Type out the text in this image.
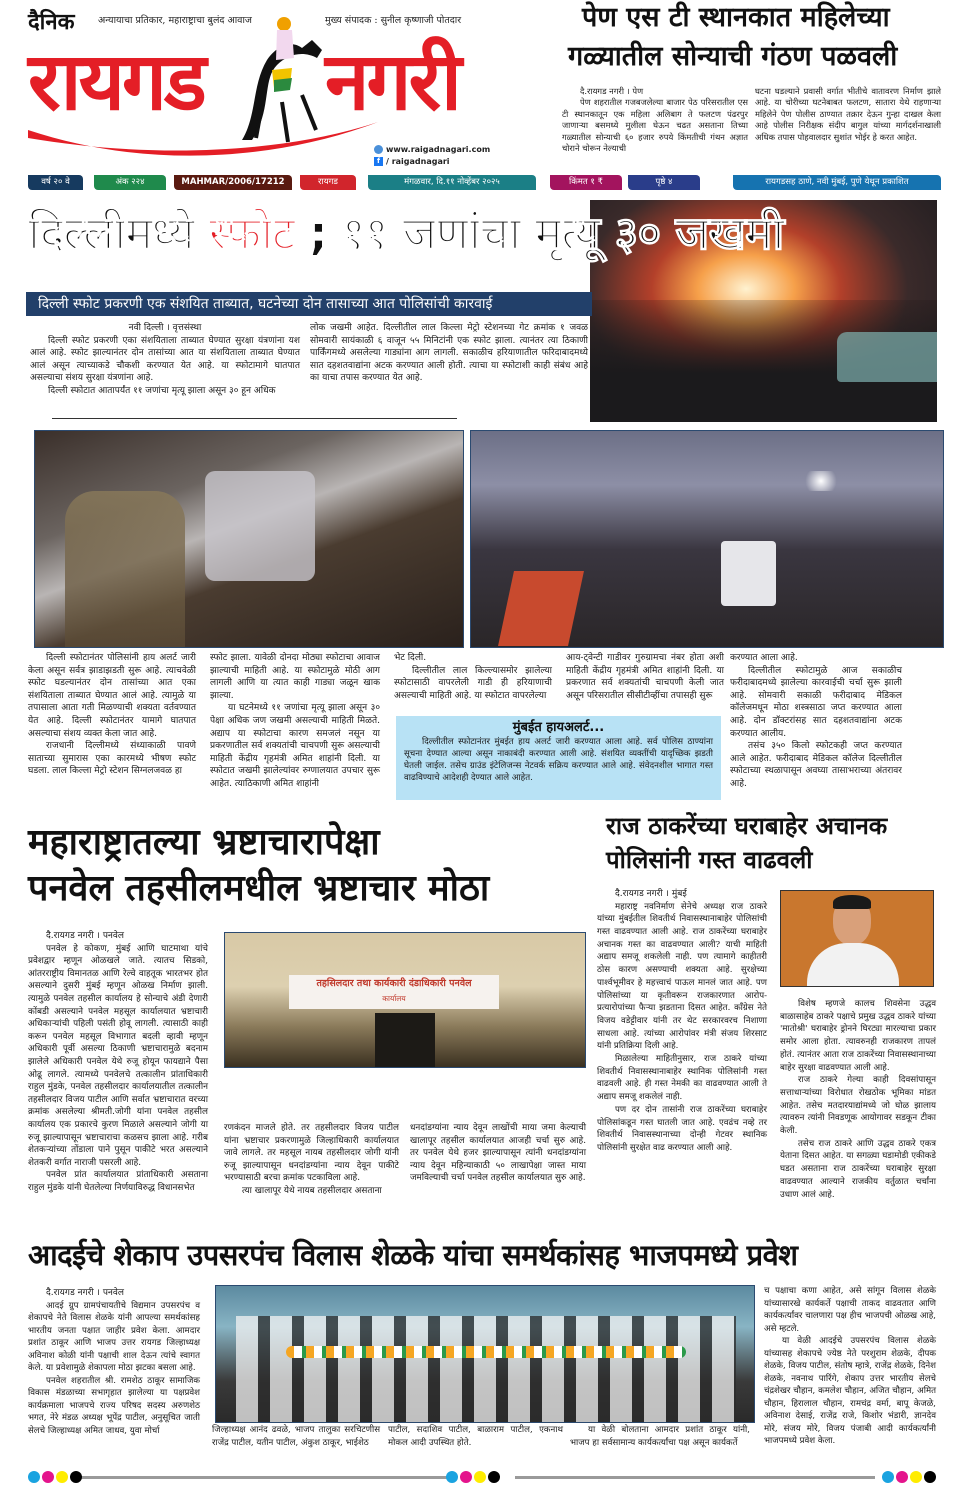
दैनिक अन्यायाचा प्रतिकार, महाराष्ट्राचा बुलंद आवाज	मुख्य संपादक : सुनील कृष्णाजी पोतदार
रायगड नगरी
www.raigadnagari.com
f / raigadnagari
पेण एस टी स्थानकात महिलेच्या
गळ्यातील सोन्याची गंठण पळवली
दै.रायगड नगरी । पेण

पेण शहरातील गजबजलेल्या बाजार पेठ परिसरातील एस टी स्थानकातून एक महिला अलिबाग ते फलटण पंढरपुर जाणाऱ्या बसमध्ये मुलीला घेऊन चढत असताना तिच्या गळ्यातील सोन्याची ६० हजार रुपये किंमतीची गंथन अज्ञात चोराने चोरून नेल्याची

घटना घडल्याने प्रवासी वर्गात भीतीचे वातावरण निर्माण झाले आहे. या चोरीच्या घटनेबाबत फलटण, सातारा येथे राहणाऱ्या महिलेने पेण पोलीस ठाण्यात तक्रार देऊन गुन्हा दाखल केला आहे पोलीस निरीक्षक संदीप बागुल यांच्या मार्गदर्शनाखाली अधिक तपास पोहवालदार सुशांत भोईर हे करत आहेत.

वर्ष २० वे	अंक २२४	MAHMAR/2006/17212	रायगड	मंगळवार, दि.११ नोव्हेंबर २०२५	किंमत १ ₹	पृष्ठे ४	रायगडसह ठाणे, नवी मुंबई, पुणे येथून प्रकाशित
दिल्लीमध्ये स्फोट ; ११ जणांचा मृत्यू ३० जखमी
दिल्ली स्फोट प्रकरणी एक संशयित ताब्यात, घटनेच्या दोन तासाच्या आत पोलिसांची कारवाई
नवी दिल्ली । वृत्तसंस्था

दिल्ली स्फोट प्रकरणी एका संशयिताला ताब्यात घेण्यात सुरक्षा यंत्रणांना यश आलं आहे. स्फोट झाल्यानंतर दोन तासांच्या आत या संशयिताला ताब्यात घेण्यात आलं असून त्याच्याकडे चौकशी करण्यात येत आहे. या स्फोटामागे घातपात असल्याचा संशय सुरक्षा यंत्रणांना आहे.

दिल्ली स्फोटात आतापर्यंत ११ जणांचा मृत्यू झाला असून ३० हून अधिक

लोक जखमी आहेत. दिल्लीतील लाल किल्ला मेट्रो स्टेशनच्या गेट क्रमांक १ जवळ सोमवारी सायंकाळी ६ वाजून ५५ मिनिटांनी एक स्फोट झाला. त्यानंतर त्या ठिकाणी पार्किंगमध्ये असलेल्या गाड्यांना आग लागली. सकाळीच हरियाणातील फरिदाबादमध्ये सात दहशतवाद्यांना अटक करण्यात आली होती. त्याचा या स्फोटाशी काही संबंध आहे का याचा तपास करण्यात येत आहे.

दिल्ली स्फोटानंतर पोलिसांनी हाय अलर्ट जारी केला असून सर्वत्र झाडाझडती सुरू आहे. त्याचवेळी स्फोट घडल्यानंतर दोन तासांच्या आत एका संशयिताला ताब्यात घेण्यात आलं आहे. त्यामुळे या तपासाला आता गती मिळण्याची शक्यता वर्तवण्यात येत आहे. दिल्ली स्फोटानंतर यामागे घातपात असल्याचा संशय व्यक्त केला जात आहे.

राजधानी दिल्लीमध्ये संध्याकाळी पावणे साताच्या सुमारास एका कारमध्ये भीषण स्फोट घडला. लाल किल्ला मेट्रो स्टेशन सिग्नलजवळ हा

स्फोट झाला. यावेळी दोनदा मोठ्या स्फोटाचा आवाज झाल्याची माहिती आहे. या स्फोटामुळे मोठी आग लागली आणि या त्यात काही गाड्या जळून खाक झाल्या.

या घटनेमध्ये ११ जणांचा मृत्यू झाला असून ३० पेक्षा अधिक जण जखमी असल्याची माहिती मिळते. अद्याप या स्फोटाचा कारण समजलं नसून या प्रकरणातील सर्व शक्यतांची चाचपणी सुरू असल्याची माहिती केंद्रीय गृहमंत्री अमित शाहांनी दिली. या स्फोटात जखमी झालेल्यांवर रुग्णालयात उपचार सुरू आहेत. त्याठिकाणी अमित शाहांनी

भेट दिली.

दिल्लीतील लाल किल्ल्यासमोर झालेल्या स्फोटासाठी वापरलेली गाडी ही हरियाणाची असल्याची माहिती आहे. या स्फोटात वापरलेल्या

आय-ट्वेन्टी गाडीवर गुरुग्रामचा नंबर होता अशी माहिती केंद्रीय गृहमंत्री अमित शाहांनी दिली. या प्रकरणात सर्व शक्यतांची चाचपणी केली जात असून परिसरातील सीसीटीव्हींचा तपासही सुरू

करण्यात आला आहे.

दिल्लीतील स्फोटामुळे आज सकाळीच फरीदाबादमध्ये झालेल्या कारवाईची चर्चा सुरू झाली आहे. सोमवारी सकाळी फरीदाबाद मेडिकल कॉलेजमधून मोठा शस्त्रसाठा जप्त करण्यात आला आहे. दोन डॉक्टरांसह सात दहशतवाद्यांना अटक करण्यात आलीय.

तसंच ३५० किलो स्फोटकही जप्त करण्यात आले आहेत. फरीदाबाद मेडिकल कॉलेज दिल्लीतील स्फोटाच्या स्थळापासून अवघ्या तासाभराच्या अंतरावर आहे.

मुंबईत हायअलर्ट...

दिल्लीतील स्फोटानंतर मुंबईत हाय अलर्ट जारी करण्यात आला आहे. सर्व पोलिस ठाण्यांना सूचना देण्यात आल्या असून नाकाबंदी करण्यात आली आहे. संशयित व्यक्तींची यादृच्छिक झडती घेतली जाईल. तसेच ग्राउंड इंटेलिजन्स नेटवर्क सक्रिय करण्यात आले आहे. संवेदनशील भागात गस्त वाढविण्याचे आदेशही देण्यात आले आहेत.

महाराष्ट्रातल्या भ्रष्टाचारापेक्षा
पनवेल तहसीलमधील भ्रष्टाचार मोठा
दै.रायगड नगरी । पनवेल

पनवेल हे कोकण, मुंबई आणि घाटमाथा यांचे प्रवेशद्वार म्हणून ओळखले जाते. त्यातच सिडको, आंतरराष्ट्रीय विमानतळ आणि रेल्वे वाहतूक भारतभर होत असल्याने दुसरी मुंबई म्हणून ओळख निर्माण झाली. त्यामुळे पनवेल तहसील कार्यालय हे सोन्याचे अंडी देणारी कोंबडी असल्याने पनवेल महसूल कार्यालयात भ्रष्टाचारी अधिकाऱ्यांची पहिली पसंती होवू लागली. त्यासाठी काही करून पनवेल महसूल विभागात बदली व्हावी म्हणून अधिकारी पूर्वी असल्या ठिकाणी भ्रष्टाचारामुळे बदनाम झालेले अधिकारी पनवेल येथे रुजू होयून फायद्याने पैसा ओढू लागले. त्यामध्ये पनवेलचे तत्कालीन प्रांताधिकारी राहुल मुंडके, पनवेल तहसीलदार कार्यालयातील तत्कालीन तहसीलदार विजय पाटील आणि सर्वात भ्रष्टाचारात वरच्या क्रमांक असलेल्या श्रीमती.जोगी यांना पनवेल तहसील कार्यालय एक प्रकारचे कुरण मिळाले असल्याने जोगी या रुजू झाल्यापासून भ्रष्टाचाराचा कळसच झाला आहे. गरीब शेतकऱ्यांच्या तोंडाला पाने पुसून पाकीटे भरत असल्याने शेतकरी वर्गात नाराजी पसरली आहे.

पनवेल प्रांत कार्यालयात प्रांताधिकारी असताना राहुल मुंडके यांनी घेतलेल्या निर्णयाविरुद्ध विधानसभेत

तहसिलदार तथा कार्यकारी दंडाधिकारी पनवेल
कार्यालय

रणकंदन माजले होते. तर तहसीलदार विजय पाटील यांना भ्रष्टाचार प्रकरणामुळे जिल्हाधिकारी कार्यालयात जावे लागले. तर महसूल नायब तहसीलदार जोगी यांनी रुजू झाल्यापासून धनदांडग्यांना न्याय देवून पाकीटे भरण्यासाठी बरचा क्रमांक पटकाविला आहे.

त्या खालापूर येथे नायब तहसीलदार असताना

धनदांडग्यांना न्याय देवून लाखोंची माया जमा केल्याची खालापूर तहसील कार्यालयात आजही चर्चा सुरु आहे. तर पनवेल येथे हजर झाल्यापासून त्यांनी धनदांडग्यांना न्याय देवून महिन्याकाठी ५० लाखापेक्षा जास्त माया जमविल्याची चर्चा पनवेल तहसील कार्यालयात सुरु आहे.

राज ठाकरेंच्या घराबाहेर अचानक
पोलिसांनी गस्त वाढवली
दै.रायगड नगरी । मुंबई

महाराष्ट्र नवनिर्माण सेनेचे अध्यक्ष राज ठाकरे यांच्या मुंबईतील शिवतीर्थ निवासस्थानाबाहेर पोलिसांची गस्त वाढवण्यात आली आहे. राज ठाकरेंच्या घराबाहेर अचानक गस्त का वाढवण्यात आली? याची माहिती अद्याप समजू शकलेली नाही. पण त्यामागे काहीतरी ठोस कारण असण्याची शक्यता आहे. सुरक्षेच्या पार्श्वभूमीवर हे महत्त्वाचं पाऊल मानलं जात आहे. पण पोलिसांच्या या कृतीवरून राजकारणात आरोप-प्रत्यारोपांच्या फैऱ्या झडताना दिसत आहेत. काँग्रेस नेते विजय वडेट्टीवार यांनी तर थेट सरकारवरच निशाणा साधला आहे. त्यांच्या आरोपांवर मंत्री संजय शिरसाट यांनी प्रतिक्रिया दिली आहे.

मिळालेल्या माहितीनुसार, राज ठाकरे यांच्या शिवतीर्थ निवासस्थानाबाहेर स्थानिक पोलिसांनी गस्त वाढवली आहे. ही गस्त नेमकी का वाढवण्यात आली ते अद्याप समजू शकलेलं नाही.

पण दर दोन तासांनी राज ठाकरेंच्या घराबाहेर पोलिसांकडून गस्त घातली जात आहे. एवढंच नव्हे तर शिवतीर्थ निवासस्थानाच्या दोन्ही गेटवर स्थानिक पोलिसांनी सुरक्षेत वाढ करण्यात आली आहे.

विशेष म्हणजे कालच शिवसेना उद्धव बाळासाहेब ठाकरे पक्षाचे प्रमुख उद्धव ठाकरे यांच्या 'मातोश्री' घराबाहेर ड्रोनने घिरट्या मारल्याचा प्रकार समोर आला होता. त्यावरुनही राजकारण तापलं होतं. त्यानंतर आता राज ठाकरेंच्या निवासस्थानाच्या बाहेर सुरक्षा वाढवण्यात आली आहे.

राज ठाकरे गेल्या काही दिवसांपासून सत्ताधाऱ्यांच्या विरोधात रोखठोक भूमिका मांडत आहेत. तसेच मतदारयाद्यांमध्ये जो घोळ झालाय त्यावरुन त्यांनी निवडणूक आयोगावर सडकून टीका केली.

तसेच राज ठाकरे आणि उद्धव ठाकरे एकत्र येताना दिसत आहेत. या सगळ्या घडामोडी एकीकडे घडत असताना राज ठाकरेंच्या घराबाहेर सुरक्षा वाढवण्यात आल्याने राजकीय वर्तुळात चर्चांना उधाण आलं आहे.

आदईचे शेकाप उपसरपंच विलास शेळके यांचा समर्थकांसह भाजपमध्ये प्रवेश
दै.रायगड नगरी । पनवेल

आदई ग्रुप ग्रामपंचायतीचे विद्यमान उपसरपंच व शेकापचे नेते विलास शेळके यांनी आपल्या समर्थकांसह भारतीय जनता पक्षात जाहीर प्रवेश केला. आमदार प्रशांत ठाकूर आणि भाजप उत्तर रायगड जिल्हाध्यक्ष अविनाश कोळी यांनी पक्षाची शाल देऊन त्यांचे स्वागत केले. या प्रवेशामुळे शेकापला मोठा झटका बसला आहे.

पनवेल शहरातील श्री. रामशेठ ठाकूर सामाजिक विकास मंडळाच्या सभागृहात झालेल्या या पक्षप्रवेश कार्यक्रमाला भाजपचे राज्य परिषद सदस्य अरुणशेठ भगत, नेरे मंडळ अध्यक्ष भूपेंद्र पाटील, अनुसूचित जाती सेलचे जिल्हाध्यक्ष अमित जाधव, युवा मोर्चा	जिल्हाध्यक्ष आनंद ढवळे, भाजप तालुका सरचिटणीस राजेंद्र पाटील, यतीन पाटील, अंकुश ठाकूर, भाईशेठ

पाटील, सदाशिव पाटील, बाळाराम पाटील, एकनाथ मोकल आदी उपस्थित होते.

या वेळी बोलताना आमदार प्रशांत ठाकूर यांनी, भाजप हा सर्वसामान्य कार्यकर्त्यांचा पक्ष असून कार्यकर्ते

च पक्षाचा कणा आहेत, असे सांगून विलास शेळके यांच्यासारखे कार्यकर्ते पक्षाची ताकद वाढवतात आणि कार्यकर्त्यांवर चालणारा पक्ष हीच भाजपची ओळख आहे, असे म्हटले.

या वेळी आदईचे उपसरपंच विलास शेळके यांच्यासह शेकापचे ज्येष्ठ नेते परशुराम शेळके, दीपक शेळके, विजय पाटील, संतोष म्हात्रे, राजेंद्र शेळके, दिनेश शेळके, नवनाथ पारिंगे, शेकाप उत्तर भारतीय सेलचे चंद्रशेखर चौहान, कमलेश चौहान, अजित चौहान, अमित चौहान, हिरालाल चौहान, रामचंद्र वर्मा, बापू केजळे, अविनाश देसाई, राजेंद्र राजे, किशोर भंडारी, ज्ञानदेव मोरे, संजय मोरे, विजय पंजाबी आदी कार्यकर्त्यांनी भाजपमध्ये प्रवेश केला.
